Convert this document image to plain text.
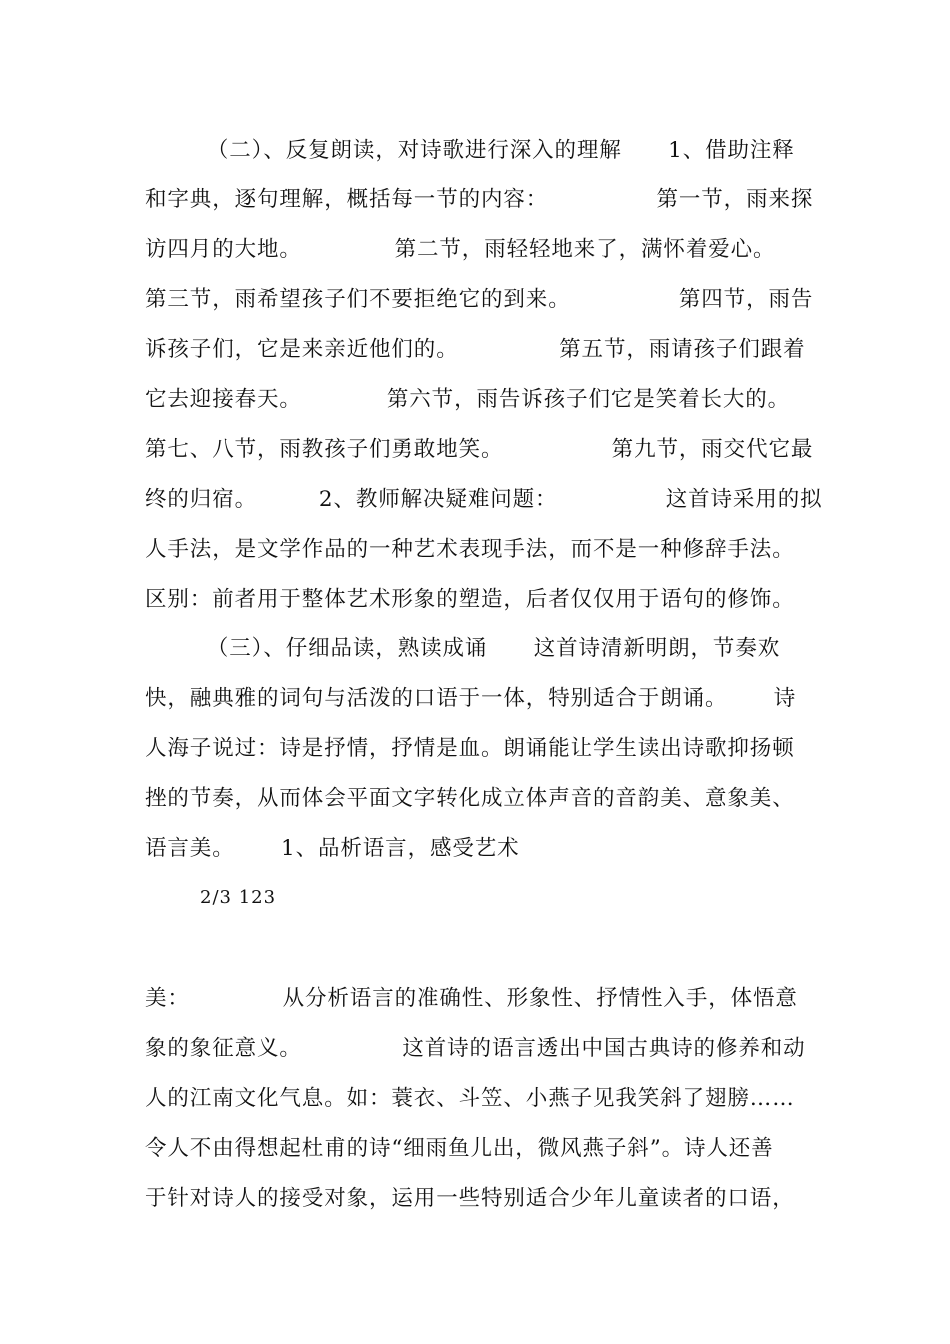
（二）、反复朗读，对诗歌进行深入的理解      1、借助注释
和字典，逐句理解，概括每一节的内容：              第一节，雨来探
访四月的大地。            第二节，雨轻轻地来了，满怀着爱心。
第三节，雨希望孩子们不要拒绝它的到来。              第四节，雨告
诉孩子们，它是来亲近他们的。             第五节，雨请孩子们跟着
它去迎接春天。           第六节，雨告诉孩子们它是笑着长大的。
第七、八节，雨教孩子们勇敢地笑。              第九节，雨交代它最
终的归宿。        2、教师解决疑难问题：              这首诗采用的拟
人手法，是文学作品的一种艺术表现手法，而不是一种修辞手法。
区别：前者用于整体艺术形象的塑造，后者仅仅用于语句的修饰。
（三）、仔细品读，熟读成诵      这首诗清新明朗，节奏欢
快，融典雅的词句与活泼的口语于一体，特别适合于朗诵。      诗
人海子说过：诗是抒情，抒情是血。朗诵能让学生读出诗歌抑扬顿
挫的节奏，从而体会平面文字转化成立体声音的音韵美、意象美、
语言美。      1、品析语言，感受艺术
2/3 123
美：            从分析语言的准确性、形象性、抒情性入手，体悟意
象的象征意义。             这首诗的语言透出中国古典诗的修养和动
人的江南文化气息。如：蓑衣、斗笠、小燕子见我笑斜了翅膀……
令人不由得想起杜甫的诗“细雨鱼儿出，微风燕子斜”。诗人还善
于针对诗人的接受对象，运用一些特别适合少年儿童读者的口语，
